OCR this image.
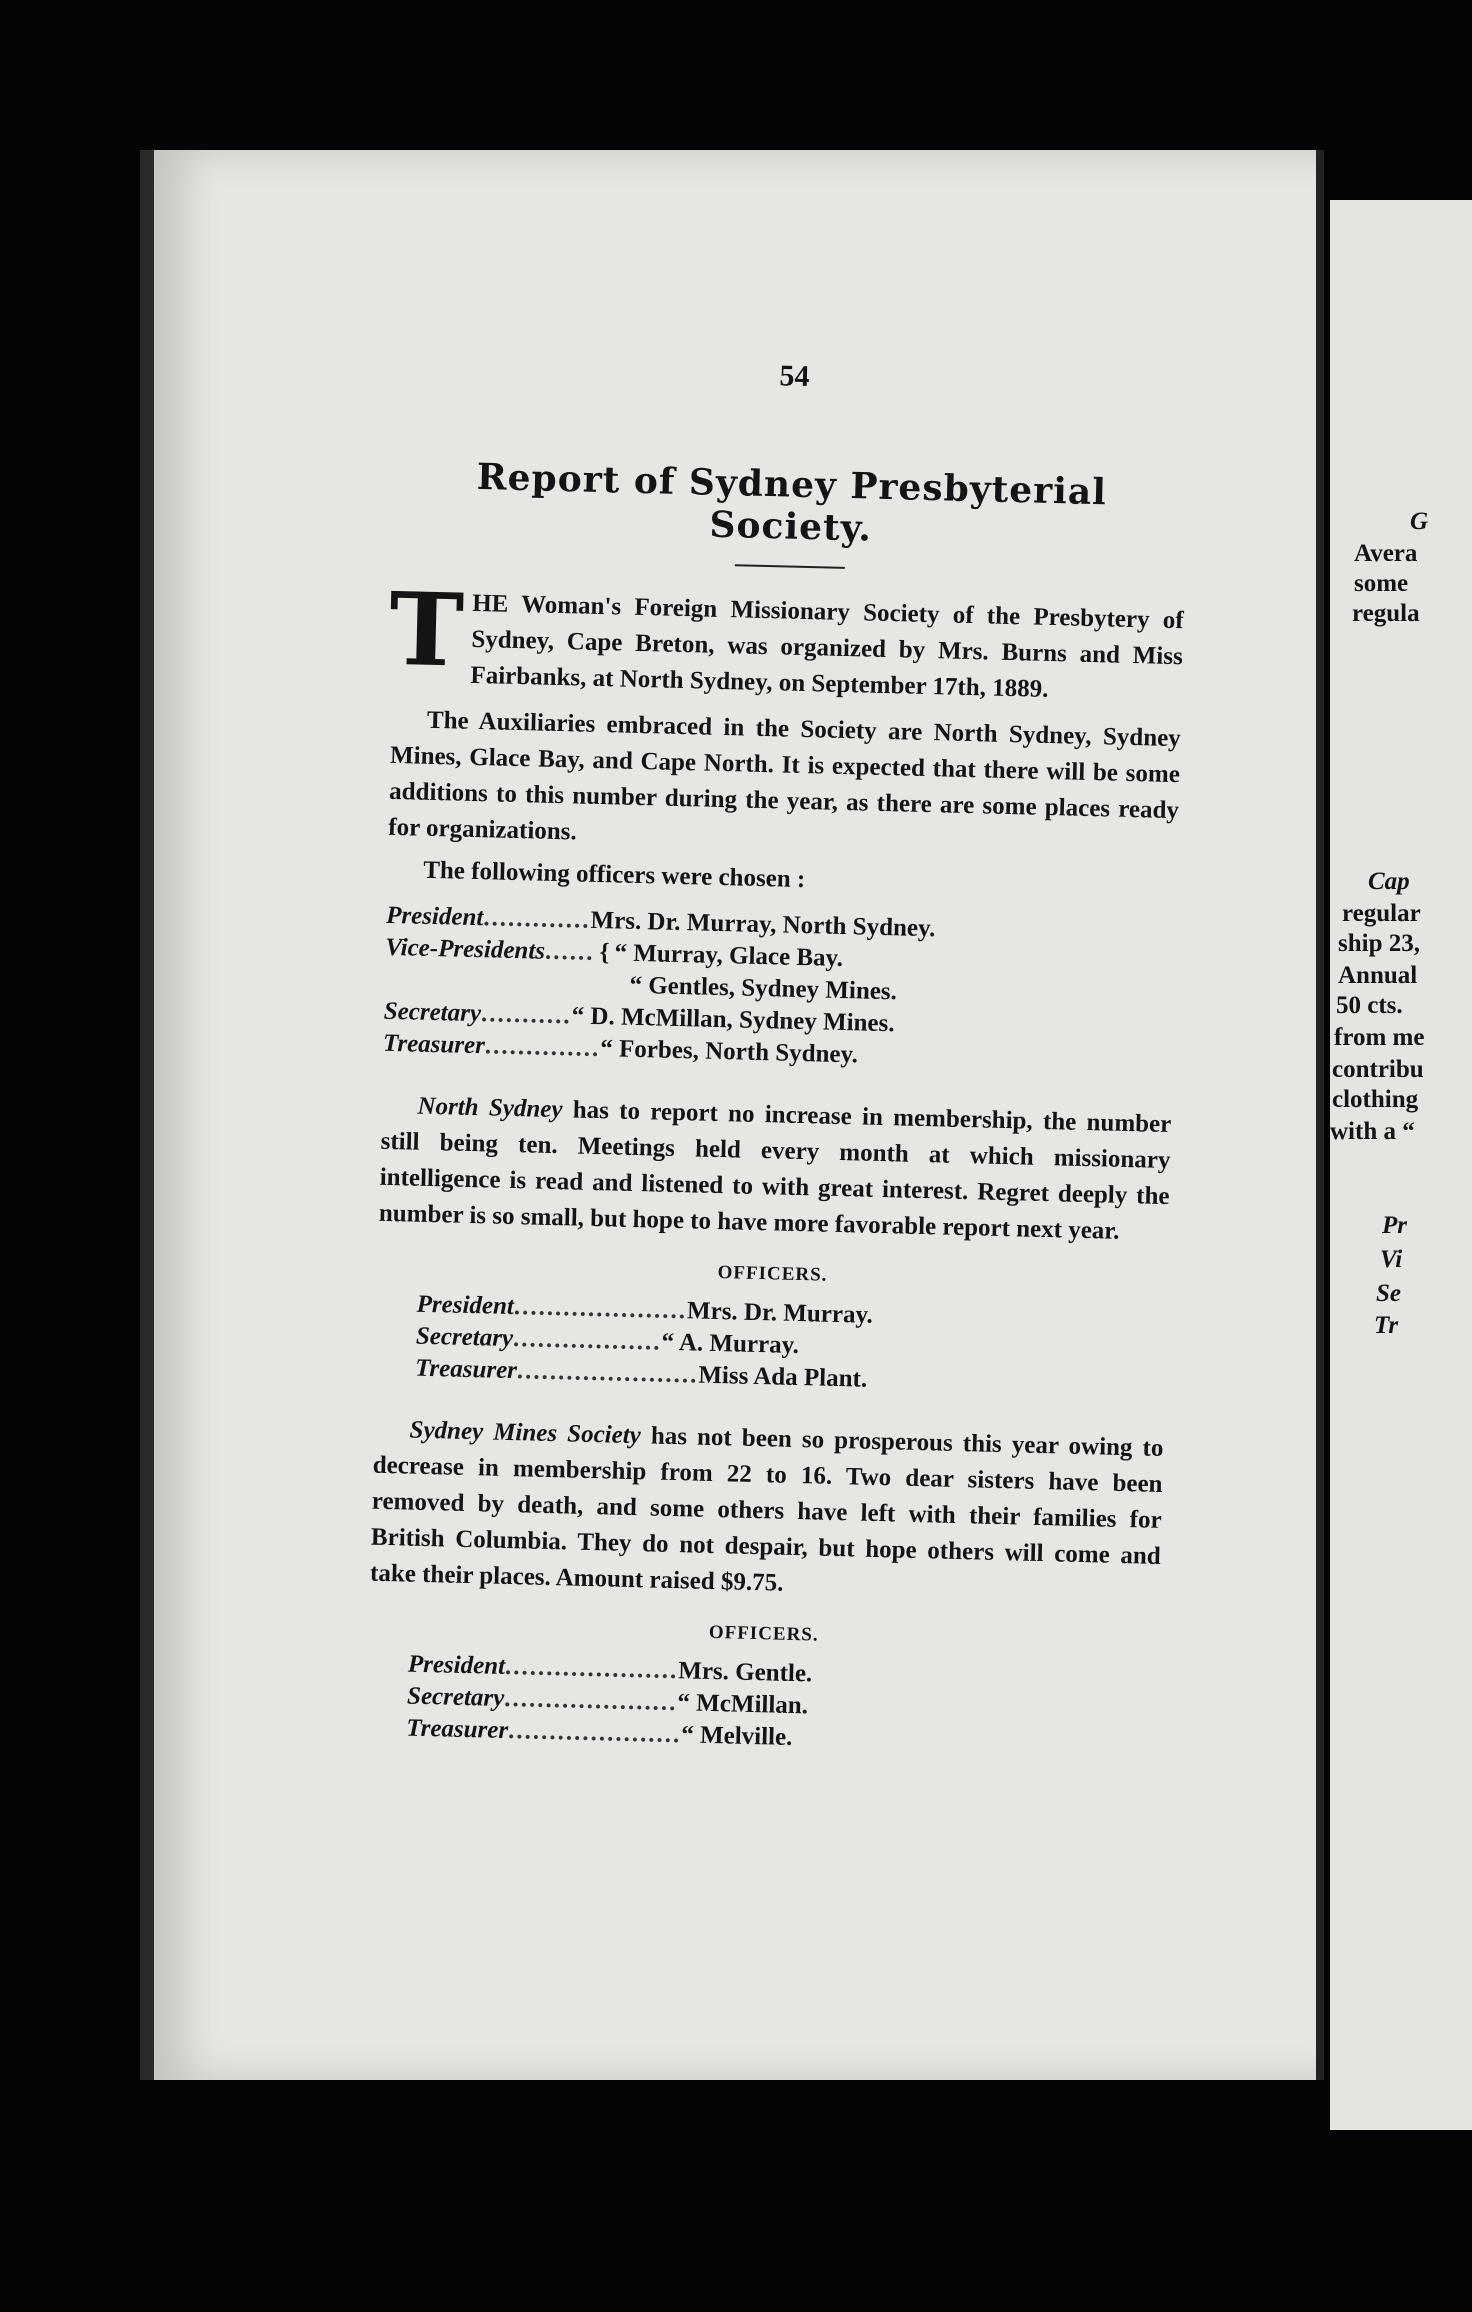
G
Avera
some
regula
Cap
regular
ship 23,
Annual
50 cts.
from me
contribu
clothing
with a “
Pr
Vi
Se
Tr
54
Report of Sydney Presbyterial Society.
T HE Woman's Foreign Missionary Society of the Presbytery of Sydney, Cape Breton, was organized by Mrs. Burns and Miss Fairbanks, at North Sydney, on September 17th, 1889.

The Auxiliaries embraced in the Society are North Sydney, Sydney Mines, Glace Bay, and Cape North. It is expected that there will be some additions to this number during the year, as there are some places ready for organizations.

The following officers were chosen :

President ............. Mrs. Dr. Murray, North Sydney.
Vice-Presidents ...... { “ Murray, Glace Bay.
“ Gentles, Sydney Mines.
Secretary ........... “ D. McMillan, Sydney Mines.
Treasurer .............. “ Forbes, North Sydney.

North Sydney has to report no increase in membership, the number still being ten. Meetings held every month at which missionary intelligence is read and listened to with great interest. Regret deeply the number is so small, but hope to have more favorable report next year.

OFFICERS.
President ..................... Mrs. Dr. Murray.
Secretary .................. “ A. Murray.
Treasurer ...................... Miss Ada Plant.

Sydney Mines Society has not been so prosperous this year owing to decrease in membership from 22 to 16. Two dear sisters have been removed by death, and some others have left with their families for British Columbia. They do not despair, but hope others will come and take their places. Amount raised $9.75.

OFFICERS.
President ..................... Mrs. Gentle.
Secretary ..................... “ McMillan.
Treasurer ..................... “ Melville.
